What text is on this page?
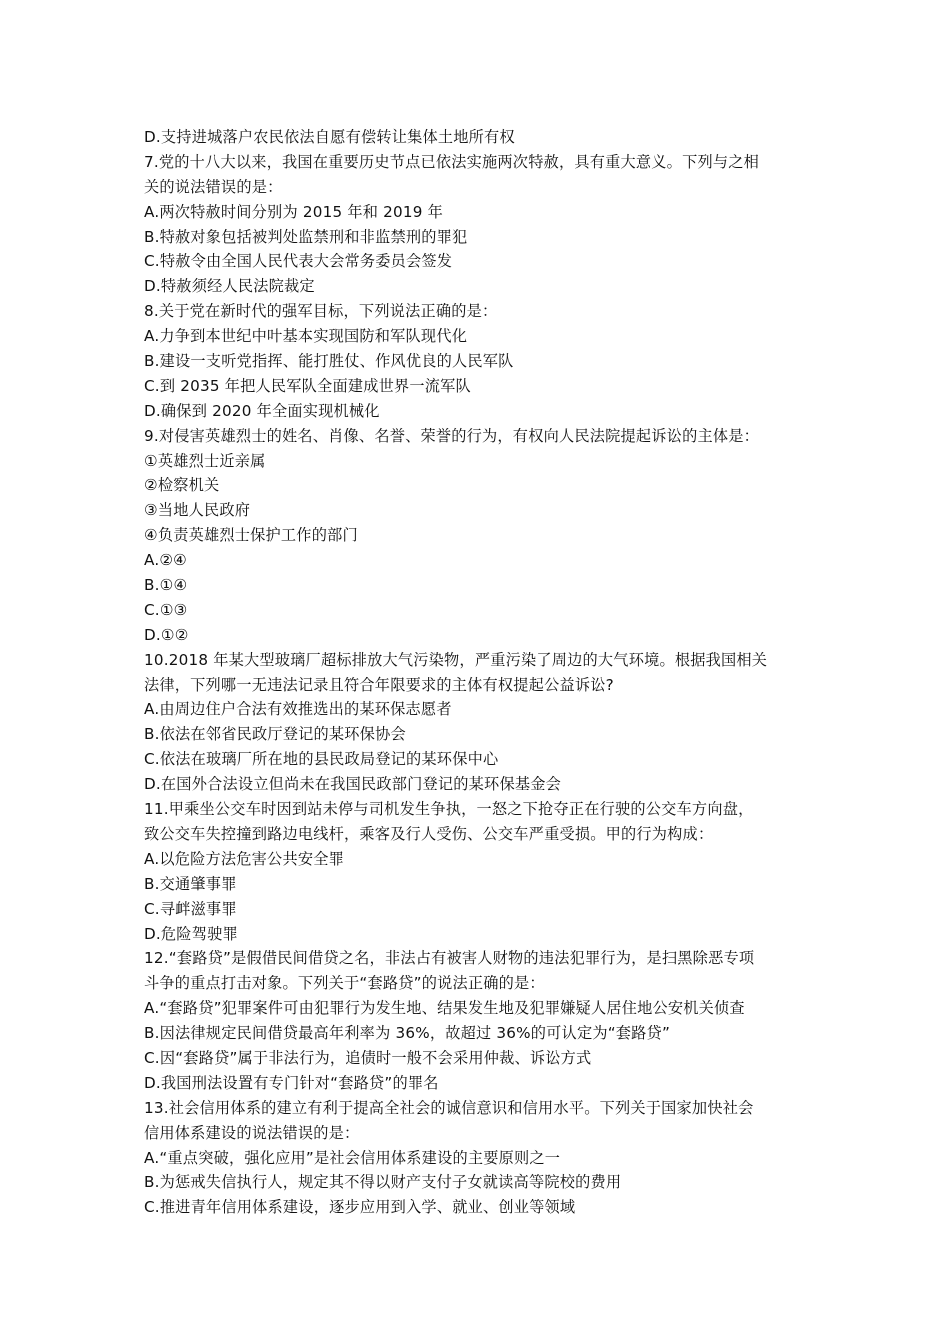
D.支持进城落户农民依法自愿有偿转让集体土地所有权
7.党的十八大以来，我国在重要历史节点已依法实施两次特赦，具有重大意义。下列与之相
关的说法错误的是：
A.两次特赦时间分别为 2015 年和 2019 年
B.特赦对象包括被判处监禁刑和非监禁刑的罪犯
C.特赦令由全国人民代表大会常务委员会签发
D.特赦须经人民法院裁定
8.关于党在新时代的强军目标，下列说法正确的是：
A.力争到本世纪中叶基本实现国防和军队现代化
B.建设一支听党指挥、能打胜仗、作风优良的人民军队
C.到 2035 年把人民军队全面建成世界一流军队
D.确保到 2020 年全面实现机械化
9.对侵害英雄烈士的姓名、肖像、名誉、荣誉的行为，有权向人民法院提起诉讼的主体是：
①英雄烈士近亲属
②检察机关
③当地人民政府
④负责英雄烈士保护工作的部门
A.②④
B.①④
C.①③
D.①②
10.2018 年某大型玻璃厂超标排放大气污染物，严重污染了周边的大气环境。根据我国相关
法律，下列哪一无违法记录且符合年限要求的主体有权提起公益诉讼?
A.由周边住户合法有效推选出的某环保志愿者
B.依法在邻省民政厅登记的某环保协会
C.依法在玻璃厂所在地的县民政局登记的某环保中心
D.在国外合法设立但尚未在我国民政部门登记的某环保基金会
11.甲乘坐公交车时因到站未停与司机发生争执，一怒之下抢夺正在行驶的公交车方向盘，
致公交车失控撞到路边电线杆，乘客及行人受伤、公交车严重受损。甲的行为构成：
A.以危险方法危害公共安全罪
B.交通肇事罪
C.寻衅滋事罪
D.危险驾驶罪
12.“套路贷”是假借民间借贷之名，非法占有被害人财物的违法犯罪行为，是扫黑除恶专项
斗争的重点打击对象。下列关于“套路贷”的说法正确的是：
A.“套路贷”犯罪案件可由犯罪行为发生地、结果发生地及犯罪嫌疑人居住地公安机关侦查
B.因法律规定民间借贷最高年利率为 36%，故超过 36%的可认定为“套路贷”
C.因“套路贷”属于非法行为，追债时一般不会采用仲裁、诉讼方式
D.我国刑法设置有专门针对“套路贷”的罪名
13.社会信用体系的建立有利于提高全社会的诚信意识和信用水平。下列关于国家加快社会
信用体系建设的说法错误的是：
A.“重点突破，强化应用”是社会信用体系建设的主要原则之一
B.为惩戒失信执行人，规定其不得以财产支付子女就读高等院校的费用
C.推进青年信用体系建设，逐步应用到入学、就业、创业等领域
